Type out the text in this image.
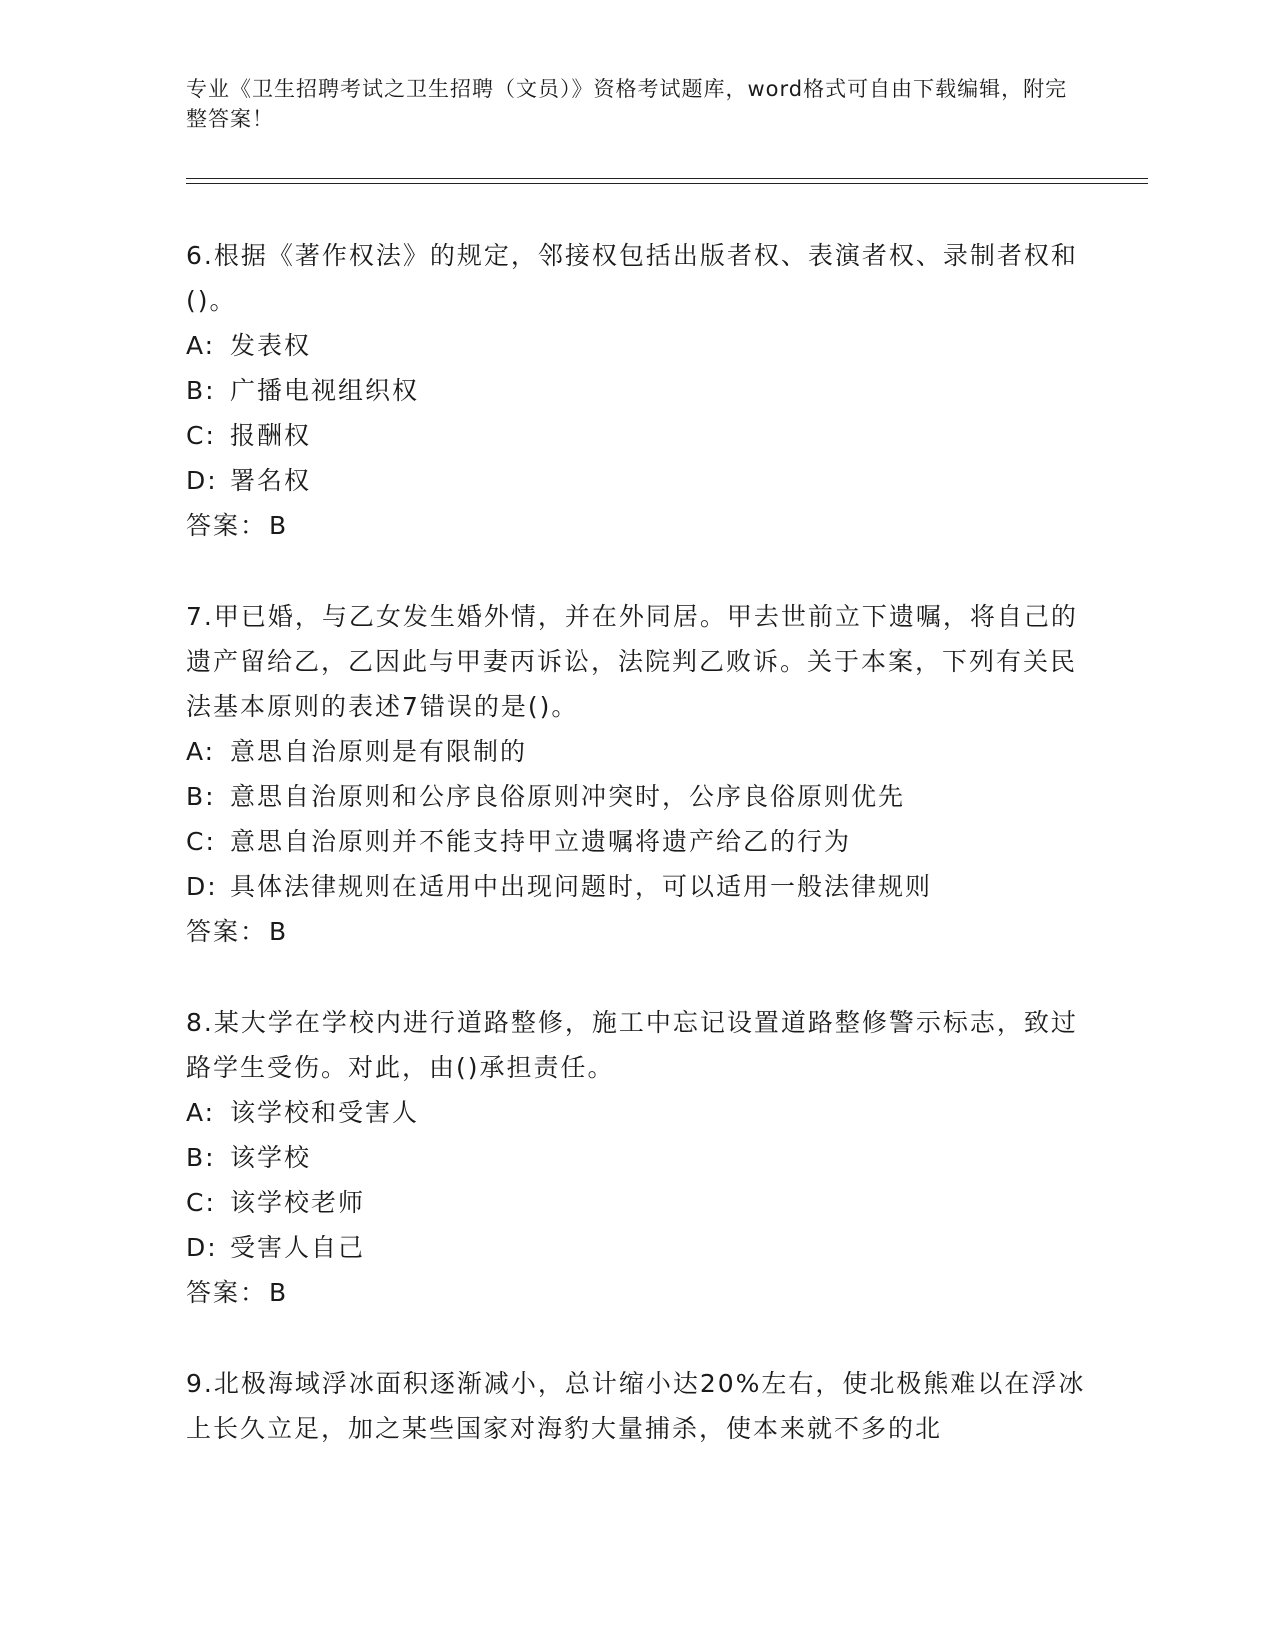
专业《卫生招聘考试之卫生招聘（文员）》资格考试题库，word格式可自由下载编辑，附完整答案！

6.根据《著作权法》的规定，邻接权包括出版者权、表演者权、录制者权和()。

A: 发表权
B: 广播电视组织权
C: 报酬权
D: 署名权
答案：B

7.甲已婚，与乙女发生婚外情，并在外同居。甲去世前立下遗嘱，将自己的遗产留给乙，乙因此与甲妻丙诉讼，法院判乙败诉。关于本案，下列有关民法基本原则的表述7错误的是()。

A: 意思自治原则是有限制的
B: 意思自治原则和公序良俗原则冲突时，公序良俗原则优先
C: 意思自治原则并不能支持甲立遗嘱将遗产给乙的行为
D: 具体法律规则在适用中出现问题时，可以适用一般法律规则
答案：B

8.某大学在学校内进行道路整修，施工中忘记设置道路整修警示标志，致过路学生受伤。对此，由()承担责任。

A: 该学校和受害人
B: 该学校
C: 该学校老师
D: 受害人自己
答案：B

9.北极海域浮冰面积逐渐减小，总计缩小达20%左右，使北极熊难以在浮冰上长久立足，加之某些国家对海豹大量捕杀，使本来就不多的北
